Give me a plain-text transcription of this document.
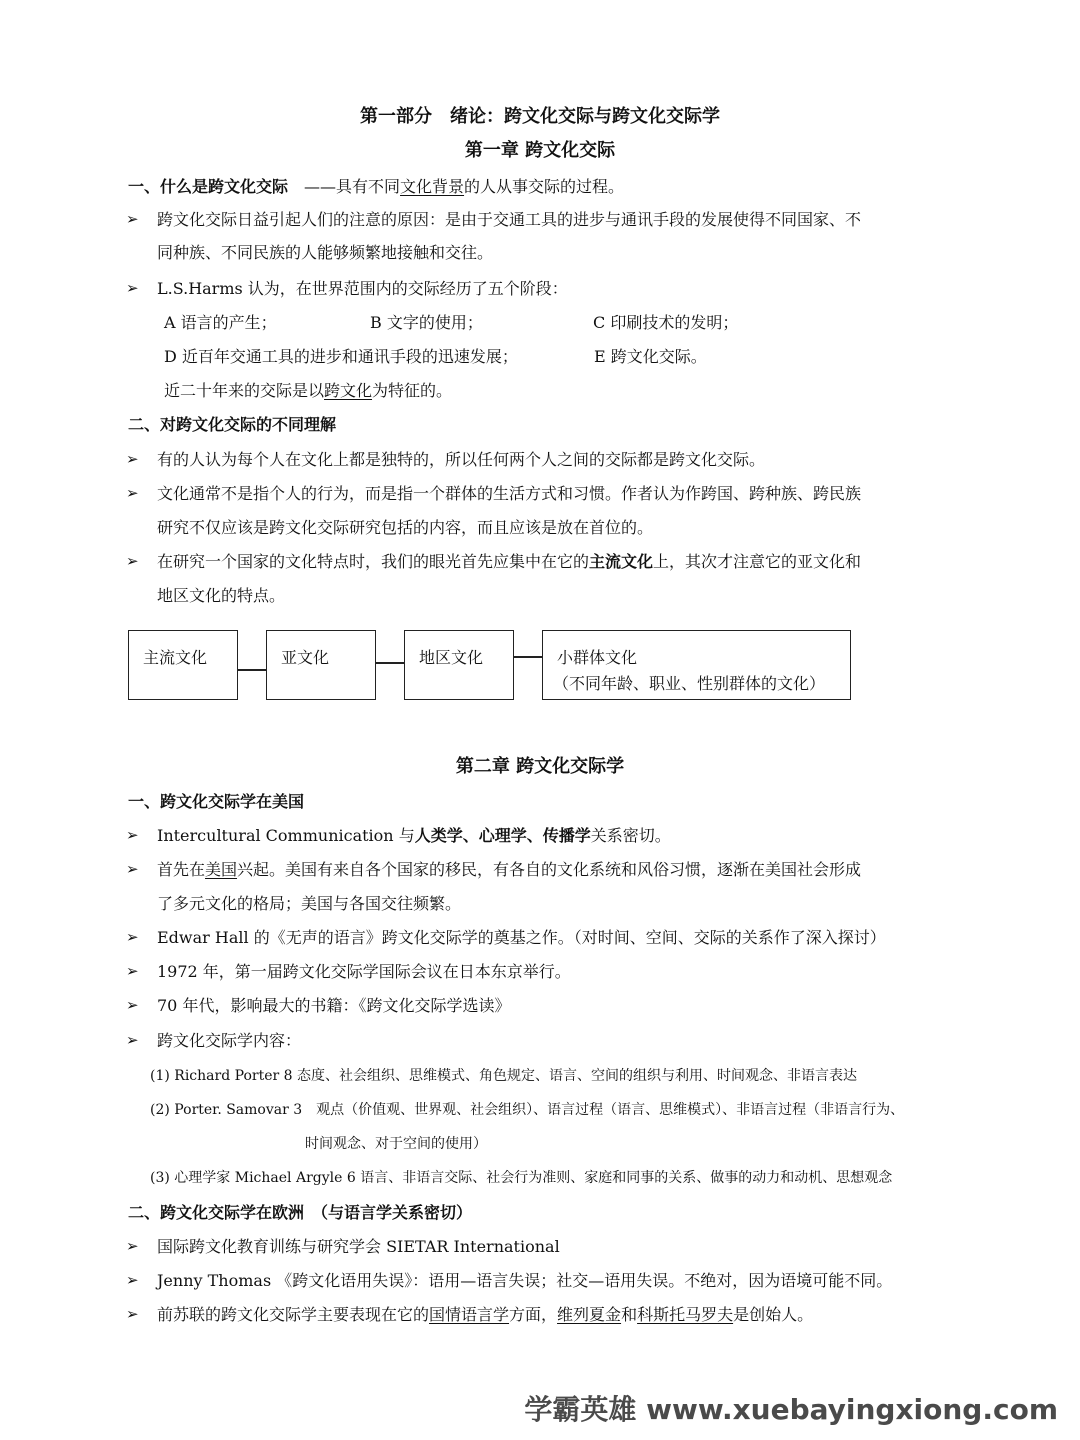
第一部分　绪论：跨文化交际与跨文化交际学
第一章 跨文化交际
一、什么是跨文化交际　——具有不同文化背景的人从事交际的过程。
➢ 跨文化交际日益引起人们的注意的原因：是由于交通工具的进步与通讯手段的发展使得不同国家、不
同种族、不同民族的人能够频繁地接触和交往。
➢ L.S.Harms 认为，在世界范围内的交际经历了五个阶段：
A 语言的产生；	B 文字的使用；	C 印刷技术的发明；
D 近百年交通工具的进步和通讯手段的迅速发展；	E 跨文化交际。
近二十年来的交际是以跨文化为特征的。
二、对跨文化交际的不同理解
➢ 有的人认为每个人在文化上都是独特的，所以任何两个人之间的交际都是跨文化交际。
➢ 文化通常不是指个人的行为，而是指一个群体的生活方式和习惯。作者认为作跨国、跨种族、跨民族
研究不仅应该是跨文化交际研究包括的内容，而且应该是放在首位的。
➢ 在研究一个国家的文化特点时，我们的眼光首先应集中在它的主流文化上，其次才注意它的亚文化和
地区文化的特点。
主流文化	亚文化	地区文化	小群体文化
（不同年龄、职业、性别群体的文化）
第二章 跨文化交际学
一、跨文化交际学在美国
➢ Intercultural Communication 与人类学、心理学、传播学关系密切。
➢ 首先在美国兴起。美国有来自各个国家的移民，有各自的文化系统和风俗习惯，逐渐在美国社会形成
了多元文化的格局；美国与各国交往频繁。
➢ Edwar Hall 的《无声的语言》跨文化交际学的奠基之作。（对时间、空间、交际的关系作了深入探讨）
➢ 1972 年，第一届跨文化交际学国际会议在日本东京举行。
➢ 70 年代，影响最大的书籍：《跨文化交际学选读》
➢ 跨文化交际学内容：
(1) Richard Porter 8 态度、社会组织、思维模式、角色规定、语言、空间的组织与利用、时间观念、非语言表达
(2) Porter. Samovar 3　观点（价值观、世界观、社会组织）、语言过程（语言、思维模式）、非语言过程（非语言行为、
时间观念、对于空间的使用）
(3) 心理学家 Michael Argyle 6 语言、非语言交际、社会行为准则、家庭和同事的关系、做事的动力和动机、思想观念
二、跨文化交际学在欧洲　（与语言学关系密切）
➢ 国际跨文化教育训练与研究学会 SIETAR International
➢ Jenny Thomas 《跨文化语用失误》：语用—语言失误；社交—语用失误。不绝对，因为语境可能不同。
➢ 前苏联的跨文化交际学主要表现在它的国情语言学方面，维列夏金和科斯托马罗夫是创始人。
学霸英雄 www.xuebayingxiong.com
